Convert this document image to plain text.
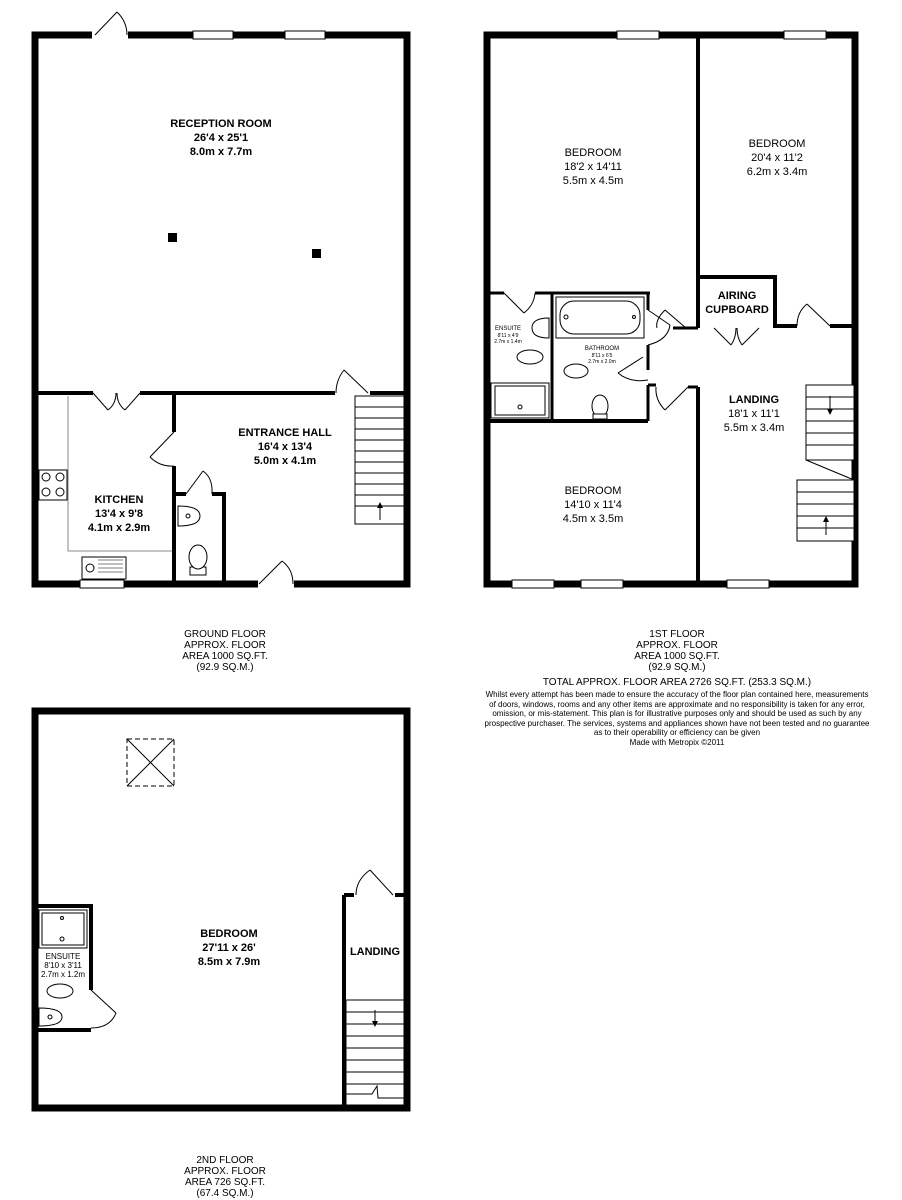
RECEPTION ROOM
26'4 x 25'1
8.0m x 7.7m
ENTRANCE HALL
16'4 x 13'4
5.0m x 4.1m
KITCHEN
13'4 x 9'8
4.1m x 2.9m
BEDROOM
18'2 x 14'11
5.5m x 4.5m
BEDROOM
20'4 x 11'2
6.2m x 3.4m
BEDROOM
14'10 x 11'4
4.5m x 3.5m
ENSUITE
8'11 x 4'9
2.7m x 1.4m
BATHROOM
8'11 x 6'5
2.7m x 2.0m
AIRING
CUPBOARD
LANDING
18'1 x 11'1
5.5m x 3.4m
BEDROOM
27'11 x 26'
8.5m x 7.9m
ENSUITE
8'10 x 3'11
2.7m x 1.2m
LANDING
GROUND FLOOR
APPROX. FLOOR
AREA 1000 SQ.FT.
(92.9 SQ.M.)
1ST FLOOR
APPROX. FLOOR
AREA 1000 SQ.FT.
(92.9 SQ.M.)
TOTAL APPROX. FLOOR AREA 2726 SQ.FT. (253.3 SQ.M.)
Whilst every attempt has been made to ensure the accuracy of the floor plan contained here, measurements
of doors, windows, rooms and any other items are approximate and no responsibility is taken for any error,
omission, or mis-statement. This plan is for illustrative purposes only and should be used as such by any
prospective purchaser. The services, systems and appliances shown have not been tested and no guarantee
as to their operability or efficiency can be given
Made with Metropix ©2011
2ND FLOOR
APPROX. FLOOR
AREA 726 SQ.FT.
(67.4 SQ.M.)
